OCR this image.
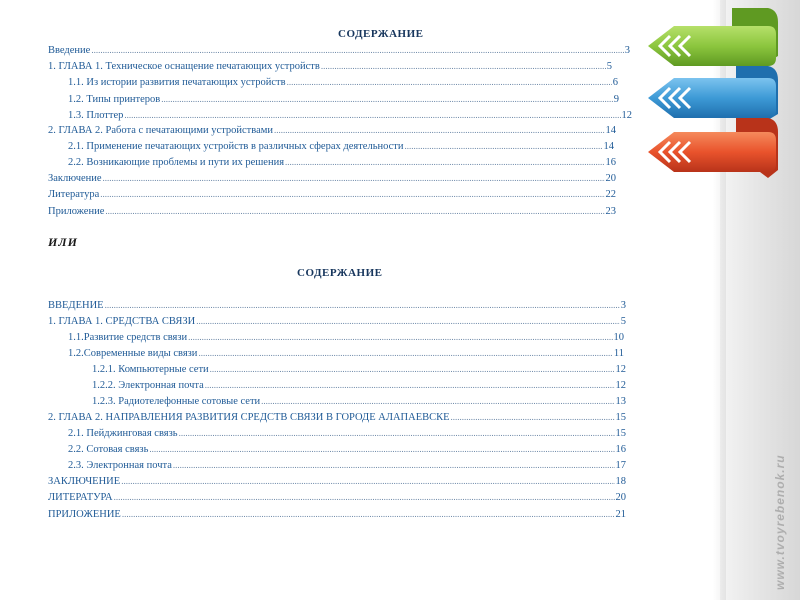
www.tvoyrebenok.ru
СОДЕРЖАНИЕ
Введение .....	3
1. ГЛАВА 1. Техническое оснащение печатающих устройств .....	5
1.1. Из истории развития печатающих устройств .....	6
1.2. Типы принтеров .....	9
1.3. Плоттер .....	12
2. ГЛАВА 2. Работа с печатающими устройствами .....	14
2.1. Применение печатающих устройств в различных сферах деятельности .....	14
2.2. Возникающие проблемы и пути их решения .....	16
Заключение .....	20
Литература .....	22
Приложение .....	23
ИЛИ
СОДЕРЖАНИЕ
ВВЕДЕНИЕ .....	3
1. ГЛАВА 1. СРЕДСТВА СВЯЗИ .....	5
1.1.Развитие средств связи .....	10
1.2.Современные виды связи .....	11
1.2.1. Компьютерные сети .....	12
1.2.2. Электронная почта .....	12
1.2.3. Радиотелефонные сотовые сети .....	13
2. ГЛАВА 2. НАПРАВЛЕНИЯ РАЗВИТИЯ СРЕДСТВ СВЯЗИ В ГОРОДЕ АЛАПАЕВСКЕ .....	15
2.1. Пейджинговая связь .....	15
2.2. Сотовая связь .....	16
2.3. Электронная почта .....	17
ЗАКЛЮЧЕНИЕ .....	18
ЛИТЕРАТУРА .....	20
ПРИЛОЖЕНИЕ .....	21
